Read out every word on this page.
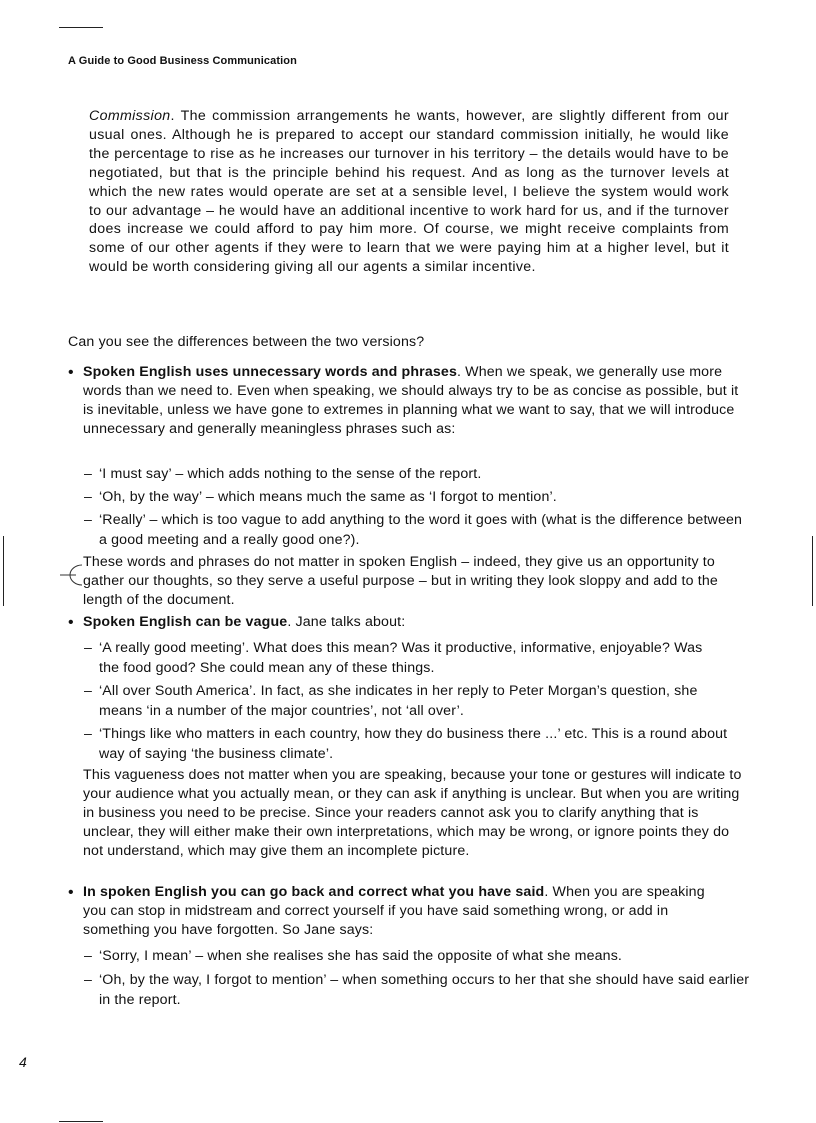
A Guide to Good Business Communication
Commission. The commission arrangements he wants, however, are slightly different from our usual ones. Although he is prepared to accept our standard commission initially, he would like the percentage to rise as he increases our turnover in his territory – the details would have to be negotiated, but that is the principle behind his request. And as long as the turnover levels at which the new rates would operate are set at a sensible level, I believe the system would work to our advantage – he would have an additional incentive to work hard for us, and if the turnover does increase we could afford to pay him more. Of course, we might receive complaints from some of our other agents if they were to learn that we were paying him at a higher level, but it would be worth considering giving all our agents a similar incentive.
Can you see the differences between the two versions?
• Spoken English uses unnecessary words and phrases. When we speak, we generally use more words than we need to. Even when speaking, we should always try to be as concise as possible, but it is inevitable, unless we have gone to extremes in planning what we want to say, that we will introduce unnecessary and generally meaningless phrases such as:
– ‘I must say’ – which adds nothing to the sense of the report.
– ‘Oh, by the way’ – which means much the same as ‘I forgot to mention’.
– ‘Really’ – which is too vague to add anything to the word it goes with (what is the difference between a good meeting and a really good one?).
These words and phrases do not matter in spoken English – indeed, they give us an opportunity to gather our thoughts, so they serve a useful purpose – but in writing they look sloppy and add to the length of the document.
• Spoken English can be vague. Jane talks about:
– ‘A really good meeting’. What does this mean? Was it productive, informative, enjoyable? Was the food good? She could mean any of these things.
– ‘All over South America’. In fact, as she indicates in her reply to Peter Morgan’s question, she means ‘in a number of the major countries’, not ‘all over’.
– ‘Things like who matters in each country, how they do business there ...’ etc. This is a round about way of saying ‘the business climate’.
This vagueness does not matter when you are speaking, because your tone or gestures will indicate to your audience what you actually mean, or they can ask if anything is unclear. But when you are writing in business you need to be precise. Since your readers cannot ask you to clarify anything that is unclear, they will either make their own interpretations, which may be wrong, or ignore points they do not understand, which may give them an incomplete picture.
• In spoken English you can go back and correct what you have said. When you are speaking you can stop in midstream and correct yourself if you have said something wrong, or add in something you have forgotten. So Jane says:
– ‘Sorry, I mean’ – when she realises she has said the opposite of what she means.
– ‘Oh, by the way, I forgot to mention’ – when something occurs to her that she should have said earlier in the report.
4
